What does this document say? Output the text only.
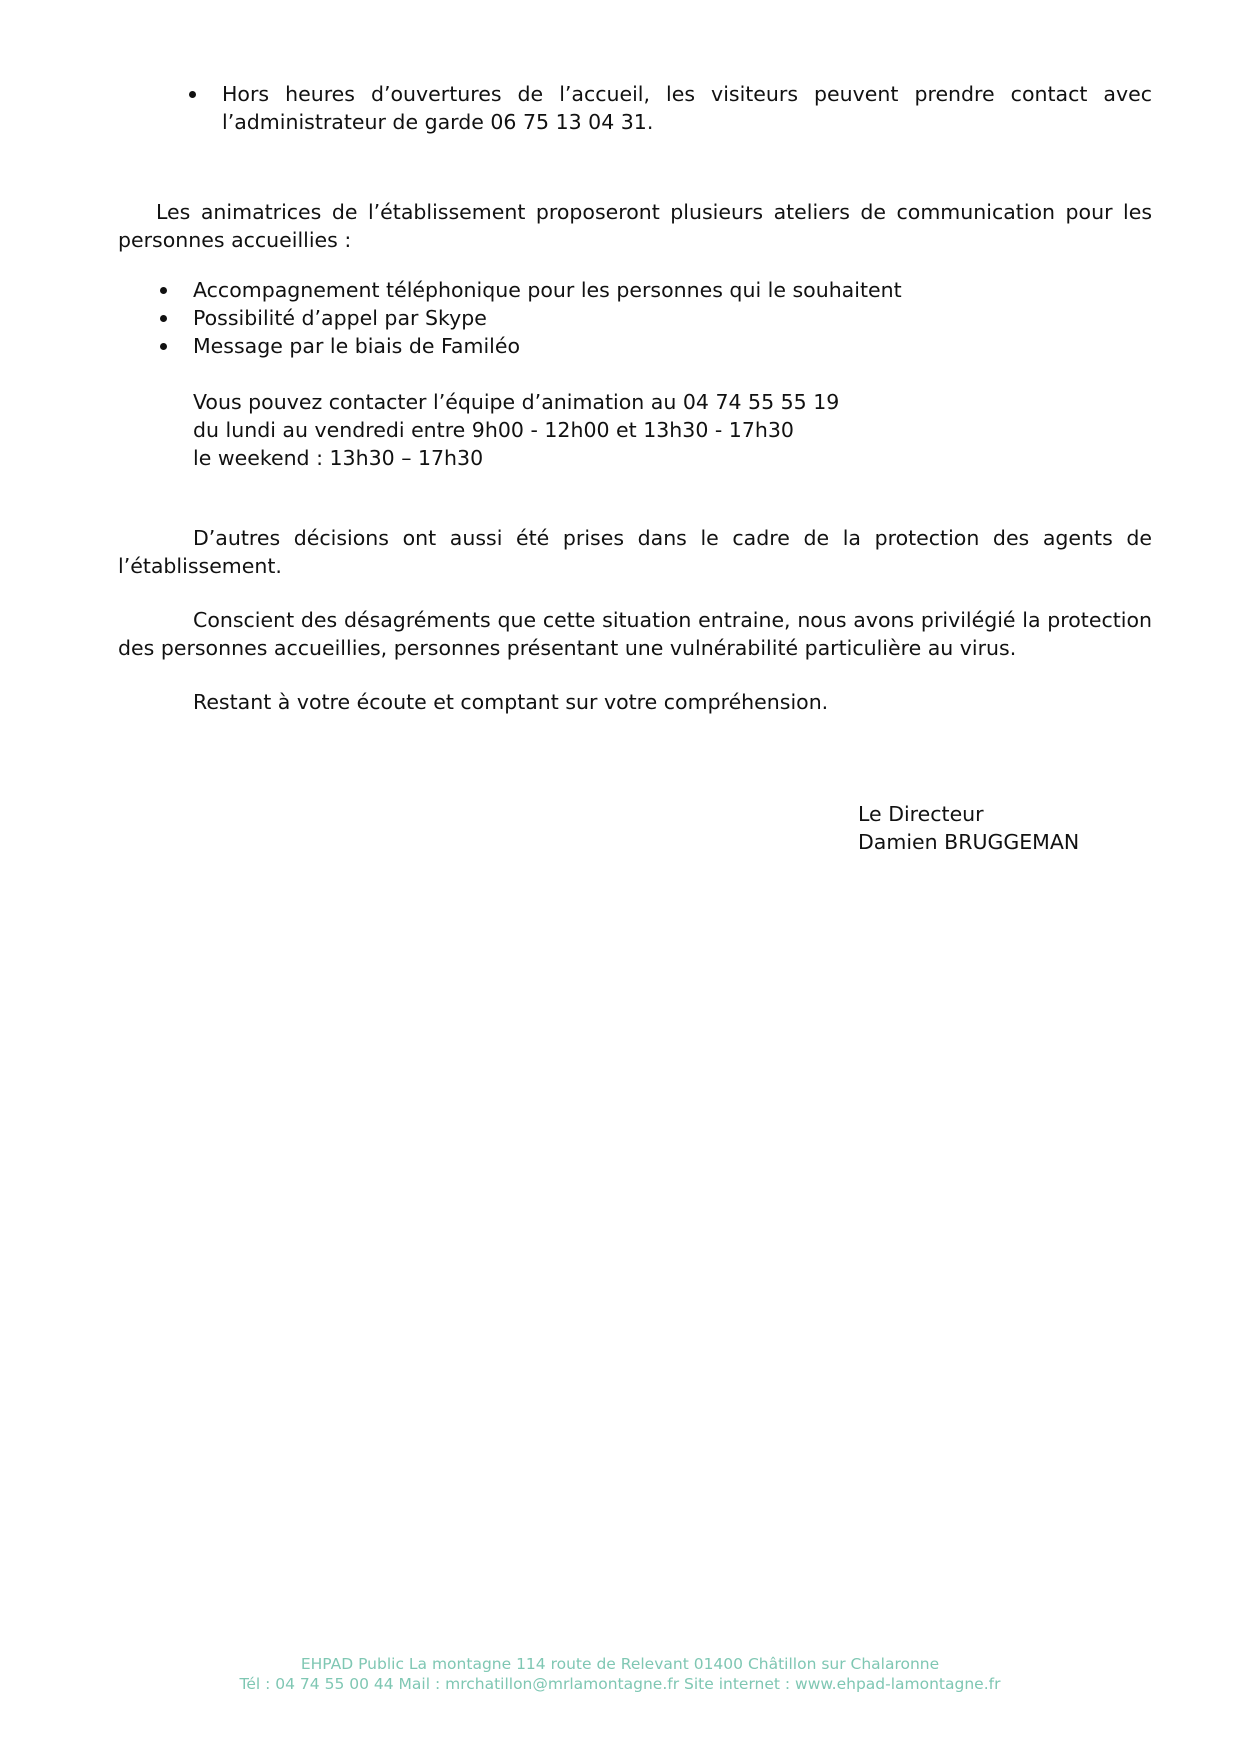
Hors heures d’ouvertures de l’accueil, les visiteurs peuvent prendre contact avec l’administrateur de garde 06 75 13 04 31.
Les animatrices de l’établissement proposeront plusieurs ateliers de communication pour les personnes accueillies :
Accompagnement téléphonique pour les personnes qui le souhaitent
Possibilité d’appel par Skype
Message par le biais de Familéo
Vous pouvez contacter l’équipe d’animation au 04 74 55 55 19
du lundi au vendredi entre 9h00 - 12h00 et 13h30 - 17h30
le weekend : 13h30 – 17h30
D’autres décisions ont aussi été prises dans le cadre de la protection des agents de l’établissement.
Conscient des désagréments que cette situation entraine, nous avons privilégié la protection des personnes accueillies, personnes présentant une vulnérabilité particulière au virus.
Restant à votre écoute et comptant sur votre compréhension.
Le Directeur
Damien BRUGGEMAN
EHPAD Public La montagne 114 route de Relevant 01400 Châtillon sur Chalaronne
Tél : 04 74 55 00 44 Mail : mrchatillon@mrlamontagne.fr Site internet : www.ehpad-lamontagne.fr
